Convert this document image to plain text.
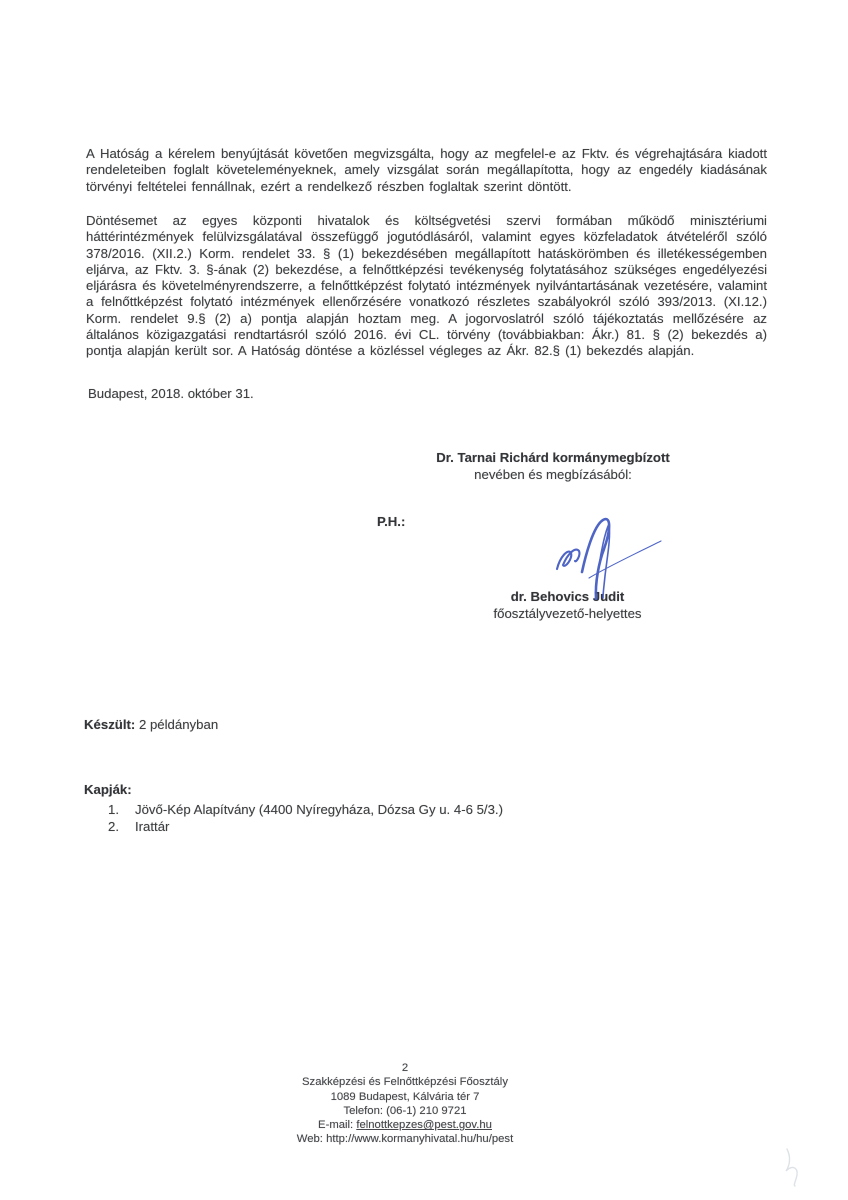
A Hatóság a kérelem benyújtását követően megvizsgálta, hogy az megfelel-e az Fktv. és végrehajtására kiadott rendeleteiben foglalt követeleményeknek, amely vizsgálat során megállapította, hogy az engedély kiadásának törvényi feltételei fennállnak, ezért a rendelkező részben foglaltak szerint döntött.

Döntésemet az egyes központi hivatalok és költségvetési szervi formában működő minisztériumi háttérintézmények felülvizsgálatával összefüggő jogutódlásáról, valamint egyes közfeladatok átvételéről szóló 378/2016. (XII.2.) Korm. rendelet 33. § (1) bekezdésében megállapított hatáskörömben és illetékességemben eljárva, az Fktv. 3. §-ának (2) bekezdése, a felnőttképzési tevékenység folytatásához szükséges engedélyezési eljárásra és követelményrendszerre, a felnőttképzést folytató intézmények nyilvántartásának vezetésére, valamint a felnőttképzést folytató intézmények ellenőrzésére vonatkozó részletes szabályokról szóló 393/2013. (XI.12.) Korm. rendelet 9.§ (2) a) pontja alapján hoztam meg. A jogorvoslatról szóló tájékoztatás mellőzésére az általános közigazgatási rendtartásról szóló 2016. évi CL. törvény (továbbiakban: Ákr.) 81. § (2) bekezdés a) pontja alapján került sor. A Hatóság döntése a közléssel végleges az Ákr. 82.§ (1) bekezdés alapján.

Budapest, 2018. október 31.
Dr. Tarnai Richárd kormánymegbízott
nevében és megbízásából:
P.H.:
dr. Behovics Judit
főosztályvezető-helyettes
Készült: 2 példányban
Kapják:
1. Jövő-Kép Alapítvány (4400 Nyíregyháza, Dózsa Gy u. 4-6 5/3.)
2. Irattár
2
Szakképzési és Felnőttképzési Főosztály
1089 Budapest, Kálvária tér 7
Telefon: (06-1) 210 9721
E-mail: felnottkepzes@pest.gov.hu
Web: http://www.kormanyhivatal.hu/hu/pest
